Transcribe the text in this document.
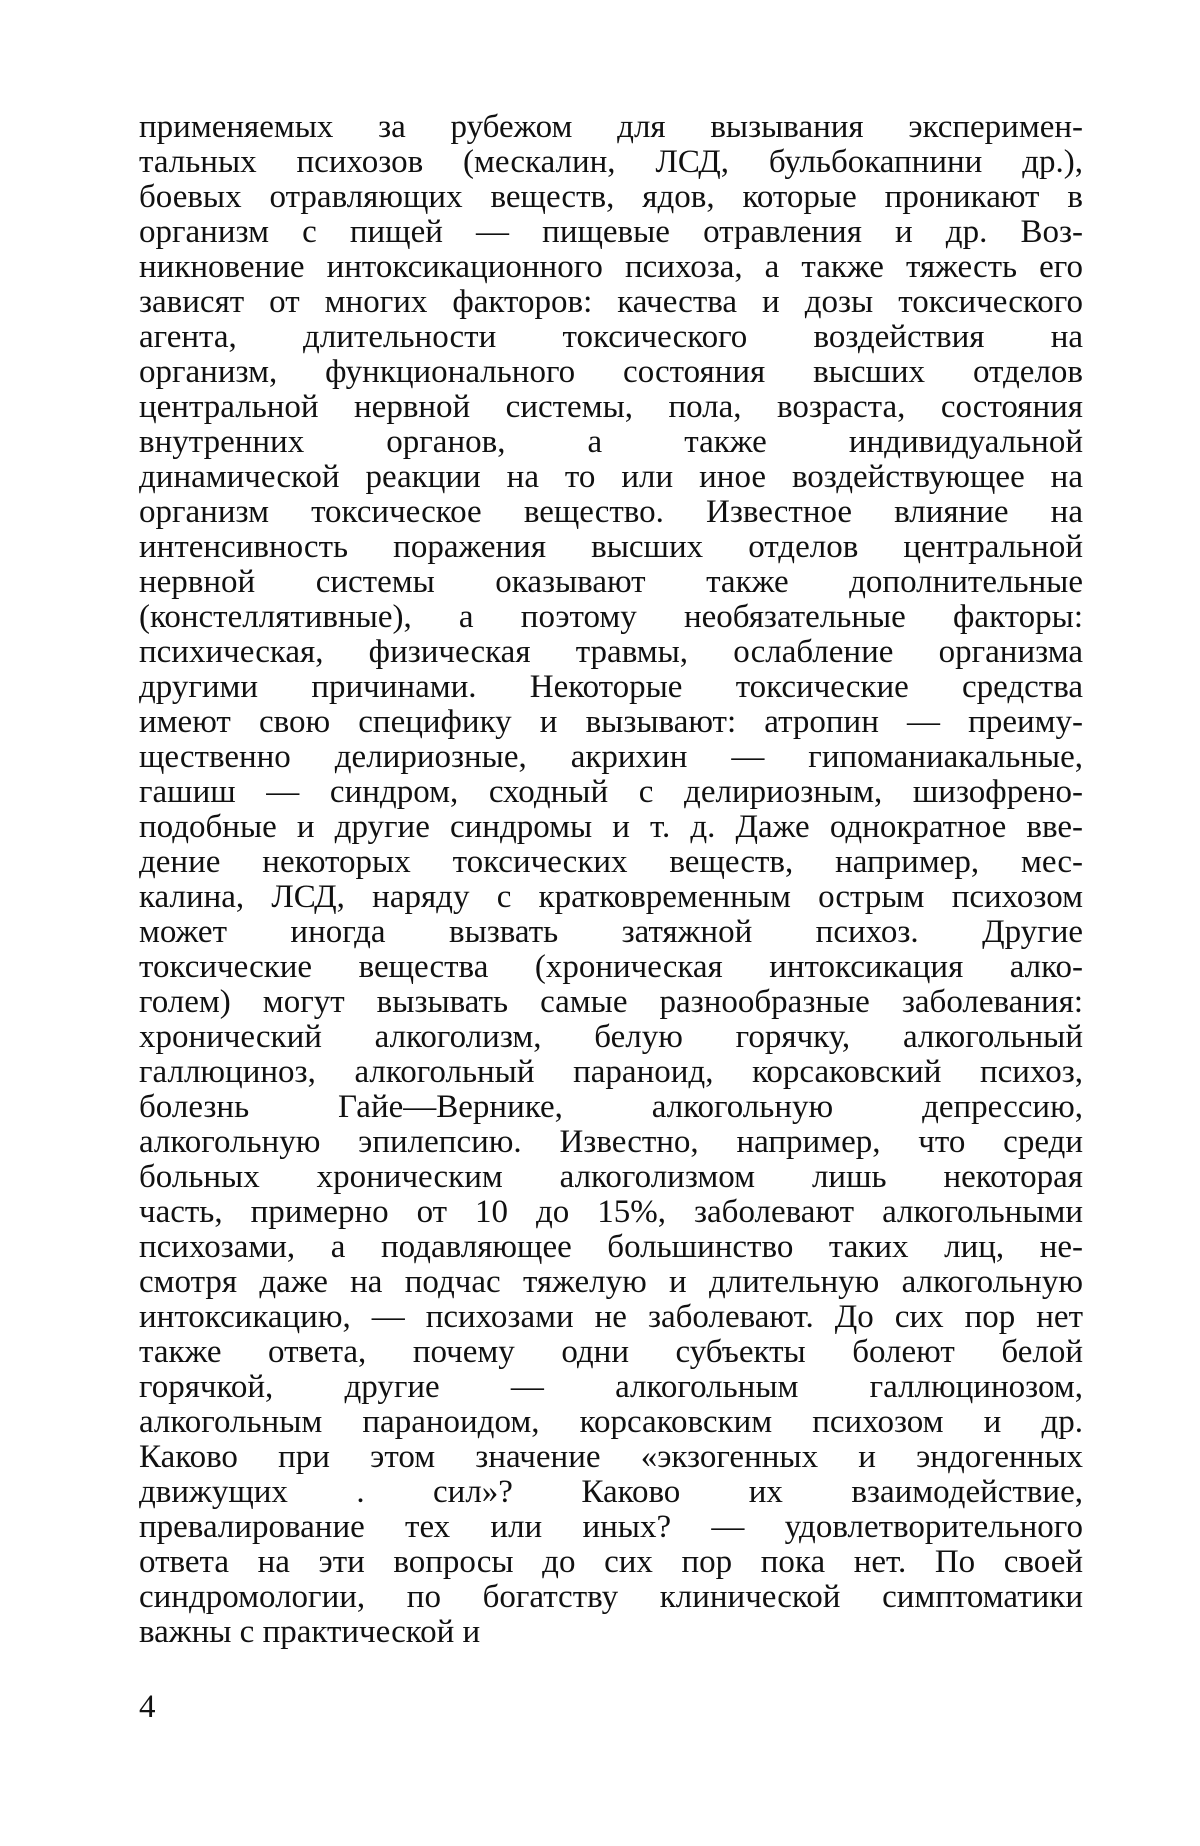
применяемых за рубежом для вызывания эксперимен-
тальных психозов (мескалин, ЛСД, бульбокапнини др.),
боевых отравляющих веществ, ядов, которые проникают в
организм с пищей — пищевые отравления и др. Воз-
никновение интоксикационного психоза, а также тяжесть его
зависят от многих факторов: качества и дозы токсического
агента, длительности токсического воздействия на
организм, функционального состояния высших отделов
центральной нервной системы, пола, возраста, состояния
внутренних органов, а также индивидуальной
динамической реакции на то или иное воздействующее на
организм токсическое вещество. Известное влияние на
интенсивность поражения высших отделов центральной
нервной системы оказывают также дополнительные
(констеллятивные), а поэтому необязательные факторы:
психическая, физическая травмы, ослабление организма
другими причинами. Некоторые токсические средства
имеют свою специфику и вызывают: атропин — преиму-
щественно делириозные, акрихин — гипоманиакальные,
гашиш — синдром, сходный с делириозным, шизофрено-
подобные и другие синдромы и т. д. Даже однократное вве-
дение некоторых токсических веществ, например, мес-
калина, ЛСД, наряду с кратковременным острым психозом
может иногда вызвать затяжной психоз. Другие
токсические вещества (хроническая интоксикация алко-
голем) могут вызывать самые разнообразные заболевания:
хронический алкоголизм, белую горячку, алкогольный
галлюциноз, алкогольный параноид, корсаковский психоз,
болезнь Гайе—Вернике, алкогольную депрессию,
алкогольную эпилепсию. Известно, например, что среди
больных хроническим алкоголизмом лишь некоторая
часть, примерно от 10 до 15%, заболевают алкогольными
психозами, а подавляющее большинство таких лиц, не-
смотря даже на подчас тяжелую и длительную алкогольную
интоксикацию, — психозами не заболевают. До сих пор нет
также ответа, почему одни субъекты болеют белой
горячкой, другие — алкогольным галлюцинозом,
алкогольным параноидом, корсаковским психозом и др.
Каково при этом значение «экзогенных и эндогенных
движущих . сил»? Каково их взаимодействие,
превалирование тех или иных? — удовлетворительного
ответа на эти вопросы до сих пор пока нет. По своей
синдромологии, по богатству клинической симптоматики
важны с практической и
4
